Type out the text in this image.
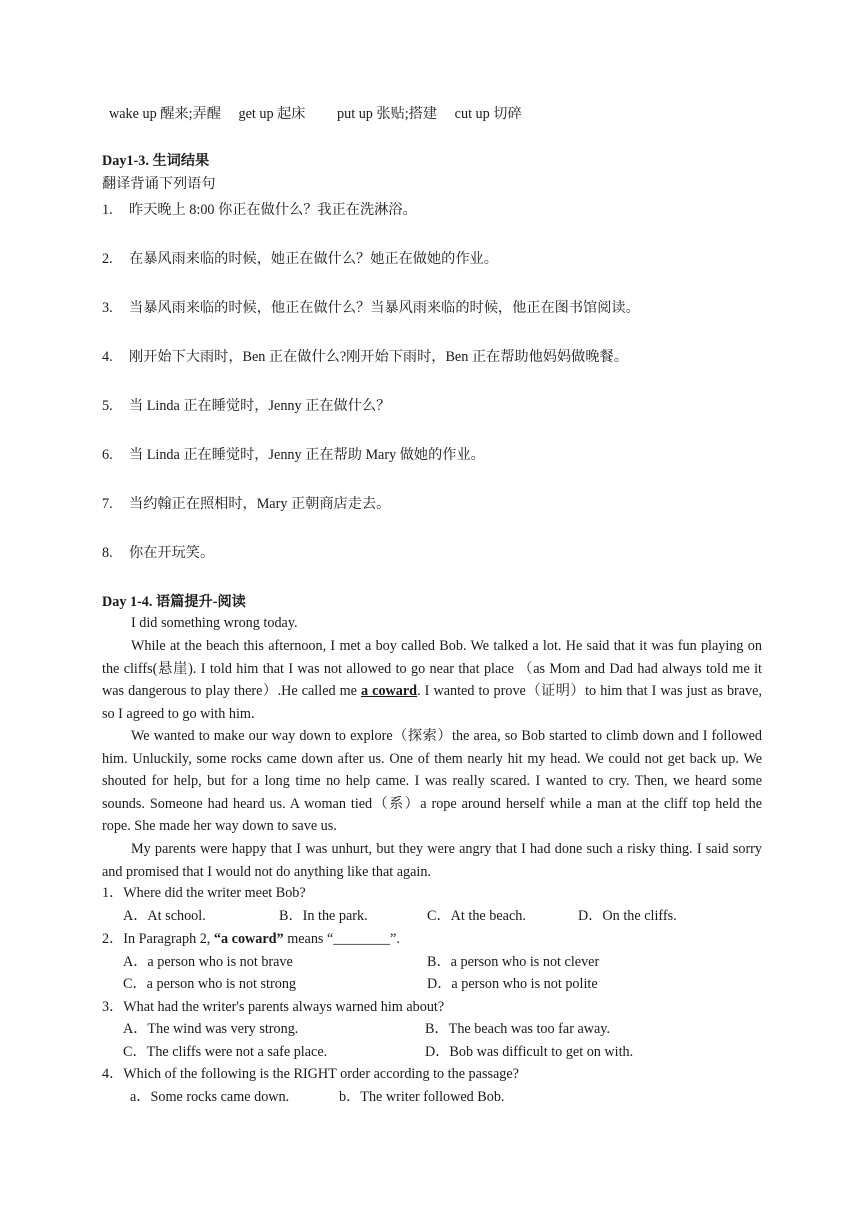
wake up 醒来;弄醒 get up 起床 put up 张贴;搭建 cut up 切碎
Day1-3. 生词结果
翻译背诵下列语句
1. 昨天晚上 8:00 你正在做什么？我正在洗淋浴。
2. 在暴风雨来临的时候，她正在做什么？她正在做她的作业。
3. 当暴风雨来临的时候，他正在做什么？当暴风雨来临的时候，他正在图书馆阅读。
4. 刚开始下大雨时，Ben 正在做什么?刚开始下雨时，Ben 正在帮助他妈妈做晚餐。
5. 当 Linda 正在睡觉时，Jenny 正在做什么？
6. 当 Linda 正在睡觉时，Jenny 正在帮助 Mary 做她的作业。
7. 当约翰正在照相时，Mary 正朝商店走去。
8. 你在开玩笑。
Day 1-4. 语篇提升-阅读
I did something wrong today.
While at the beach this afternoon, I met a boy called Bob. We talked a lot. He said that it was fun playing on the cliffs(悬崖). I told him that I was not allowed to go near that place （as Mom and Dad had always told me it was dangerous to play there）.He called me a coward. I wanted to prove（证明）to him that I was just as brave, so I agreed to go with him.
We wanted to make our way down to explore（探索）the area, so Bob started to climb down and I followed him. Unluckily, some rocks came down after us. One of them nearly hit my head. We could not get back up. We shouted for help, but for a long time no help came. I was really scared. I wanted to cry. Then, we heard some sounds. Someone had heard us. A woman tied（系）a rope around herself while a man at the cliff top held the rope. She made her way down to save us.
My parents were happy that I was unhurt, but they were angry that I had done such a risky thing. I said sorry and promised that I would not do anything like that again.
1．Where did the writer meet Bob?
A．At school.	B．In the park.	C．At the beach.	D．On the cliffs.
2．In Paragraph 2, “a coward” means “________”.
A．a person who is not brave	B．a person who is not clever
C．a person who is not strong	D．a person who is not polite
3．What had the writer's parents always warned him about?
A．The wind was very strong.	B．The beach was too far away.
C．The cliffs were not a safe place.	D．Bob was difficult to get on with.
4．Which of the following is the RIGHT order according to the passage?
a．Some rocks came down.	b．The writer followed Bob.
